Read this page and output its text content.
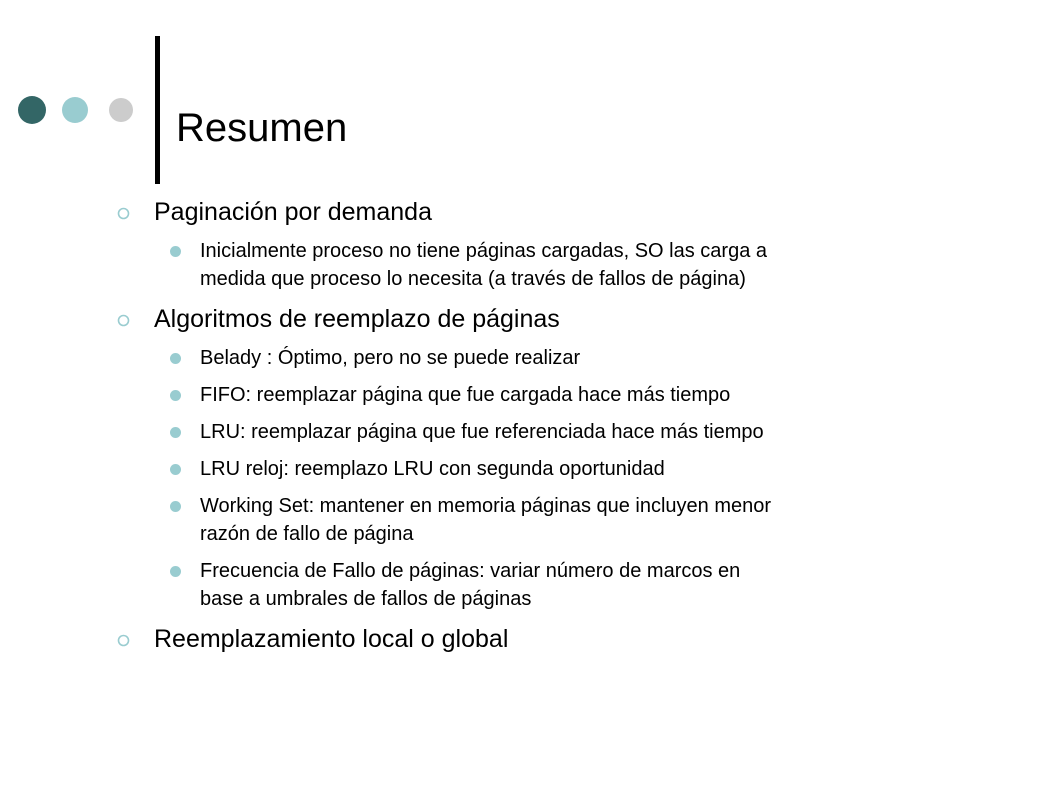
Resumen
Paginación por demanda
Inicialmente proceso no tiene páginas cargadas, SO las carga a
medida que proceso lo necesita (a través de fallos de página)
Algoritmos de reemplazo de páginas
Belady : Óptimo, pero no se puede realizar
FIFO: reemplazar página que fue cargada hace más tiempo
LRU: reemplazar página que fue referenciada hace más tiempo
LRU reloj: reemplazo LRU con segunda oportunidad
Working Set: mantener en memoria páginas que incluyen menor
razón de fallo de página
Frecuencia de Fallo de páginas: variar número de marcos en
base a umbrales de fallos de páginas
Reemplazamiento local o global
